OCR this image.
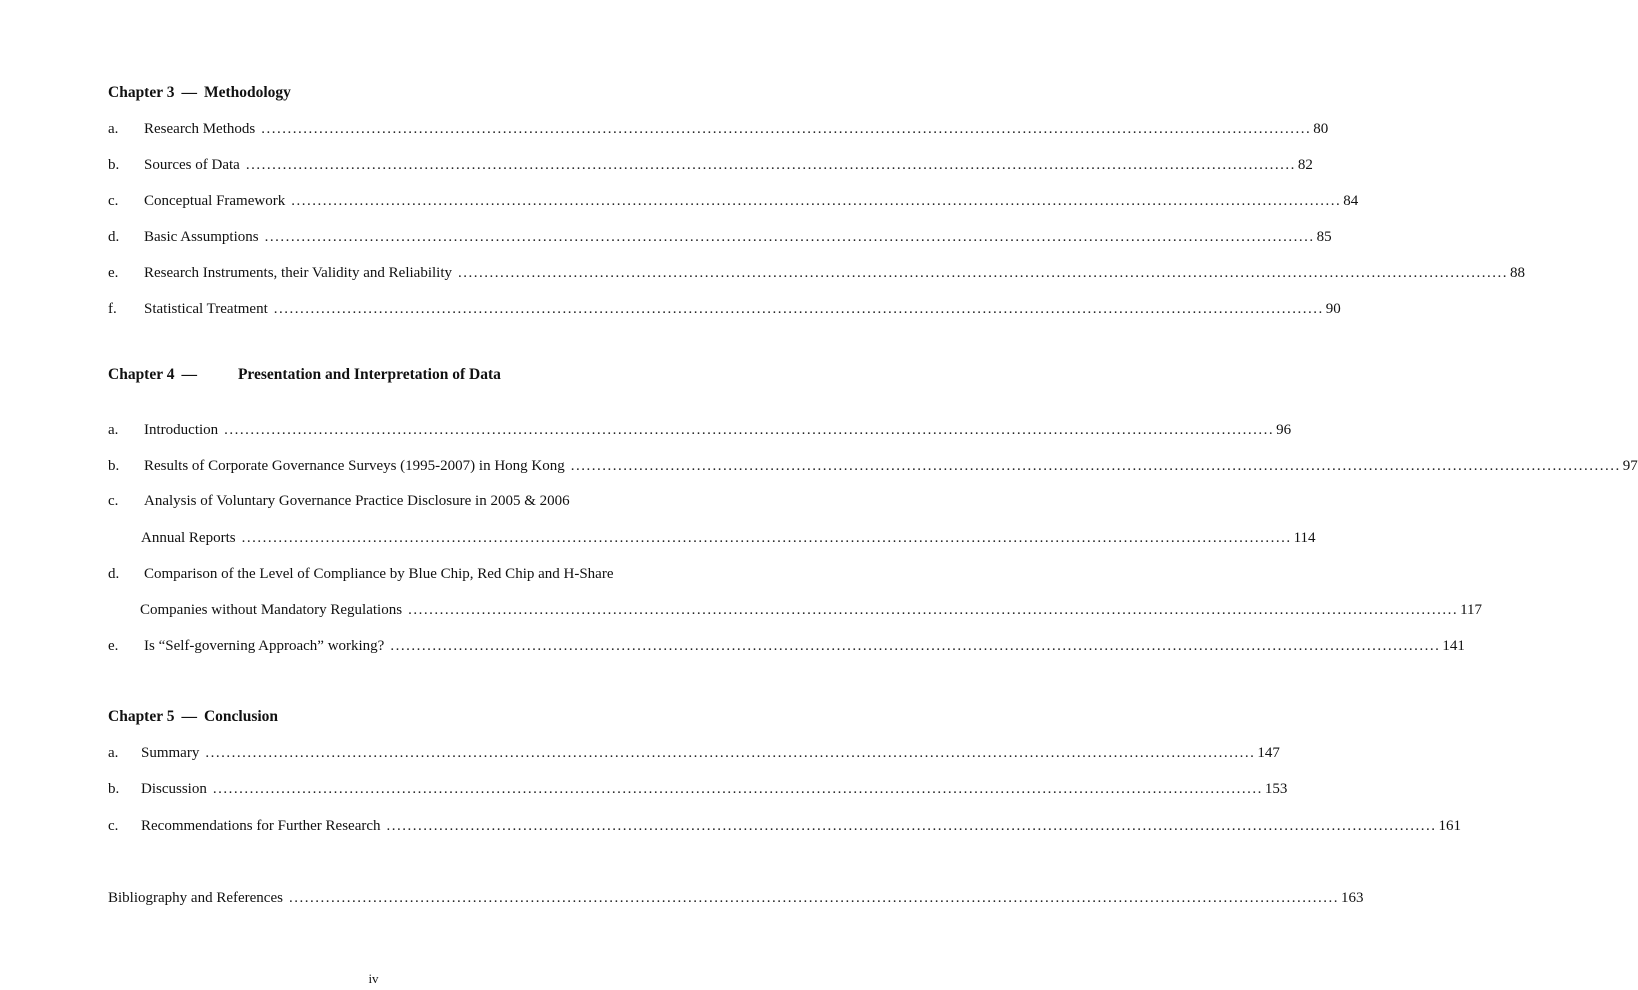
Chapter 3 — Methodology
a. Research Methods ........................................................................................................................................................................................................ 80
b. Sources of Data ........................................................................................................................................................................................................ 82
c. Conceptual Framework ........................................................................................................................................................................................................ 84
d. Basic Assumptions ........................................................................................................................................................................................................ 85
e. Research Instruments, their Validity and Reliability ........................................................................................................................................................................................................ 88
f. Statistical Treatment ........................................................................................................................................................................................................ 90
Chapter 4 —	Presentation and Interpretation of Data
a. Introduction ........................................................................................................................................................................................................ 96
b. Results of Corporate Governance Surveys (1995-2007) in Hong Kong ........................................................................................................................................................................................................ 97
c. Analysis of Voluntary Governance Practice Disclosure in 2005 & 2006
Annual Reports ........................................................................................................................................................................................................ 114
d. Comparison of the Level of Compliance by Blue Chip, Red Chip and H-Share
Companies without Mandatory Regulations ........................................................................................................................................................................................................ 117
e. Is “Self-governing Approach” working? ........................................................................................................................................................................................................ 141
Chapter 5 — Conclusion
a. Summary ........................................................................................................................................................................................................ 147
b. Discussion ........................................................................................................................................................................................................ 153
c. Recommendations for Further Research ........................................................................................................................................................................................................ 161
Bibliography and References ........................................................................................................................................................................................................ 163
iv
